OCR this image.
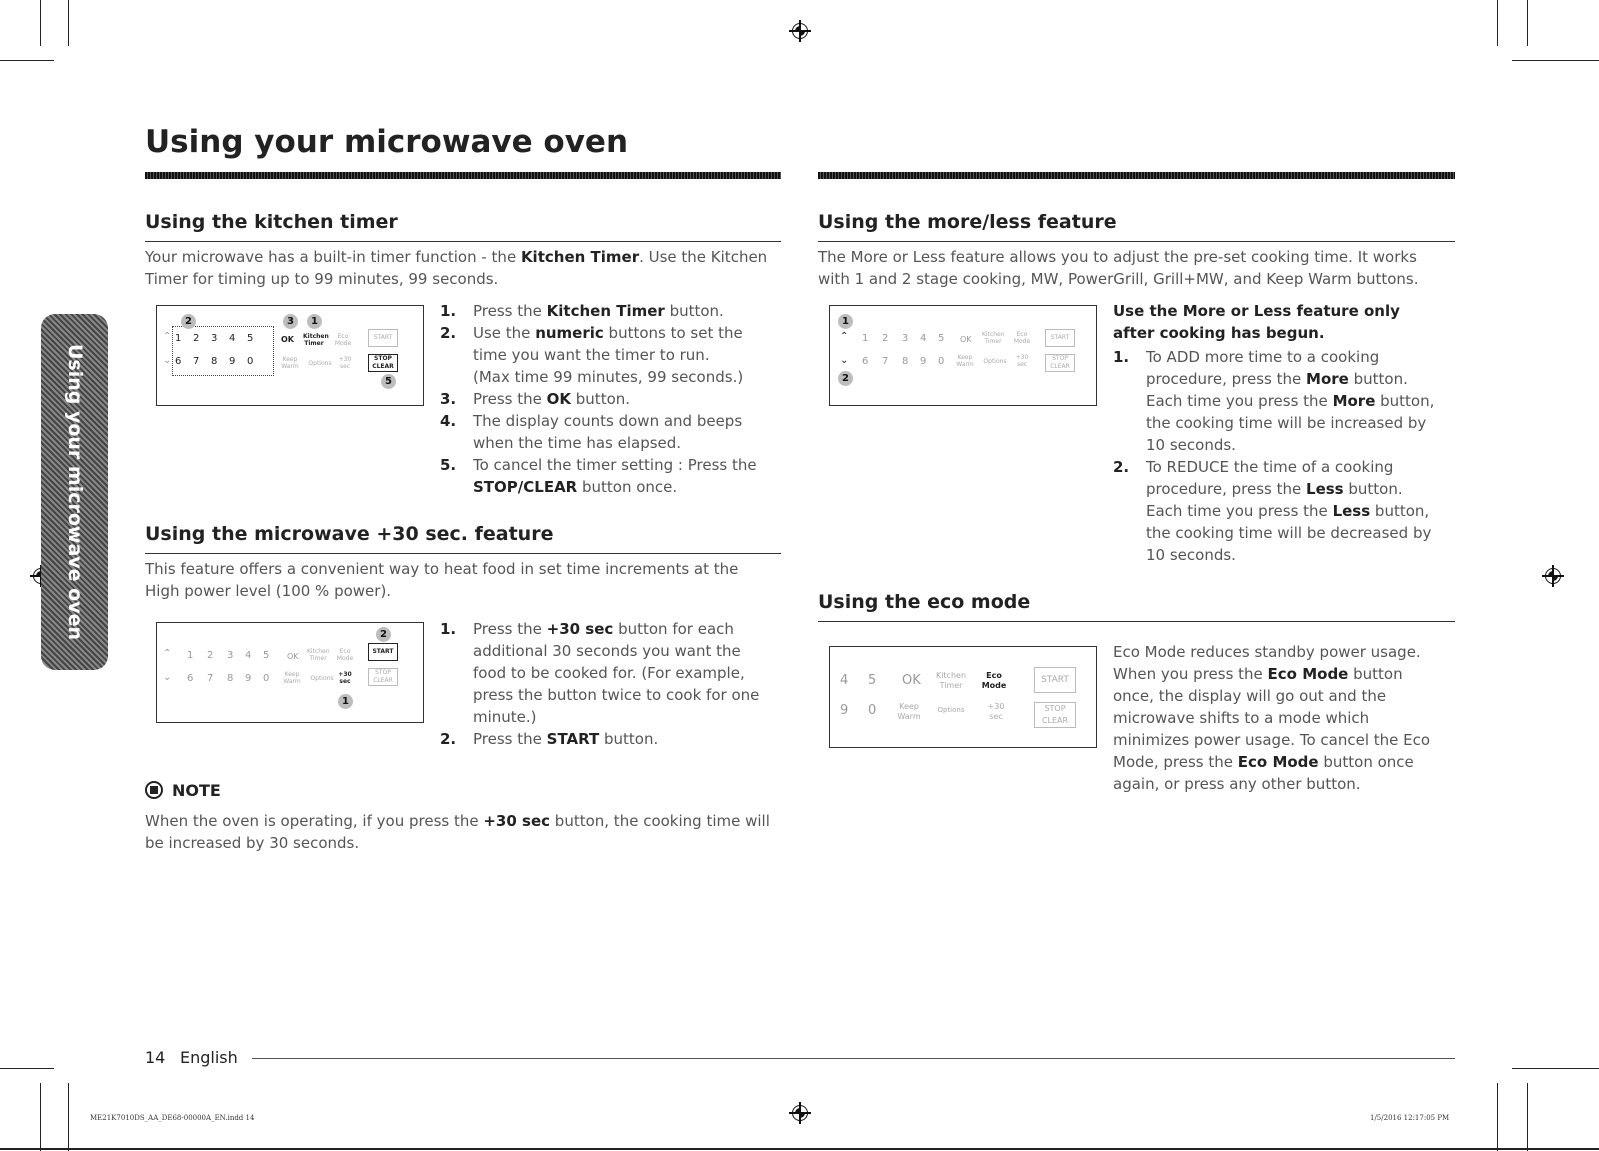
Using your microwave oven
Using your microwave oven
Using the kitchen timer
Your microwave has a built-in timer function - the Kitchen Timer. Use the Kitchen Timer for timing up to 99 minutes, 99 seconds.
⌃
⌄
1 2 3 4 5
6 7 8 9 0
OK Kitchen Timer
Eco Mode
Keep Warm	Options
+30 sec
START
STOP CLEAR
2	3	1
5
1. Press the Kitchen Timer button.
2. Use the numeric buttons to set the time you want the timer to run.
(Max time 99 minutes, 99 seconds.)
3. Press the OK button.
4. The display counts down and beeps when the time has elapsed.
5. To cancel the timer setting : Press the STOP/CLEAR button once.
Using the microwave +30 sec. feature
This feature offers a convenient way to heat food in set time increments at the High power level (100 % power).
⌃
⌄
1 2 3 4 5
6 7 8 9 0
OK
Kitchen Timer
Eco Mode
Keep Warm	Options
+30 sec
START
STOP CLEAR
2
1
1. Press the +30 sec button for each additional 30 seconds you want the food to be cooked for. (For example, press the button twice to cook for one minute.)
2. Press the START button.
NOTE
When the oven is operating, if you press the +30 sec button, the cooking time will be increased by 30 seconds.
Using the more/less feature
The More or Less feature allows you to adjust the pre-set cooking time. It works with 1 and 2 stage cooking, MW, PowerGrill, Grill+MW, and Keep Warm buttons.
⌃
⌄
1 2 3 4 5
6 7 8 9 0
OK
Kitchen Timer
Eco Mode
Keep Warm	Options
+30 sec
START
STOP CLEAR
1
2
Use the More or Less feature only after cooking has begun.
1. To ADD more time to a cooking procedure, press the More button. Each time you press the More button, the cooking time will be increased by 10 seconds.
2. To REDUCE the time of a cooking procedure, press the Less button. Each time you press the Less button, the cooking time will be decreased by 10 seconds.
Using the eco mode
4 5
9 0
OK Kitchen Timer
Eco Mode
Keep Warm
Options	+30 sec
START
STOP CLEAR
Eco Mode reduces standby power usage. When you press the Eco Mode button once, the display will go out and the microwave shifts to a mode which minimizes power usage. To cancel the Eco Mode, press the Eco Mode button once again, or press any other button.
14 English
ME21K7010DS_AA_DE68-00000A_EN.indd 14	1/5/2016 12:17:05 PM
